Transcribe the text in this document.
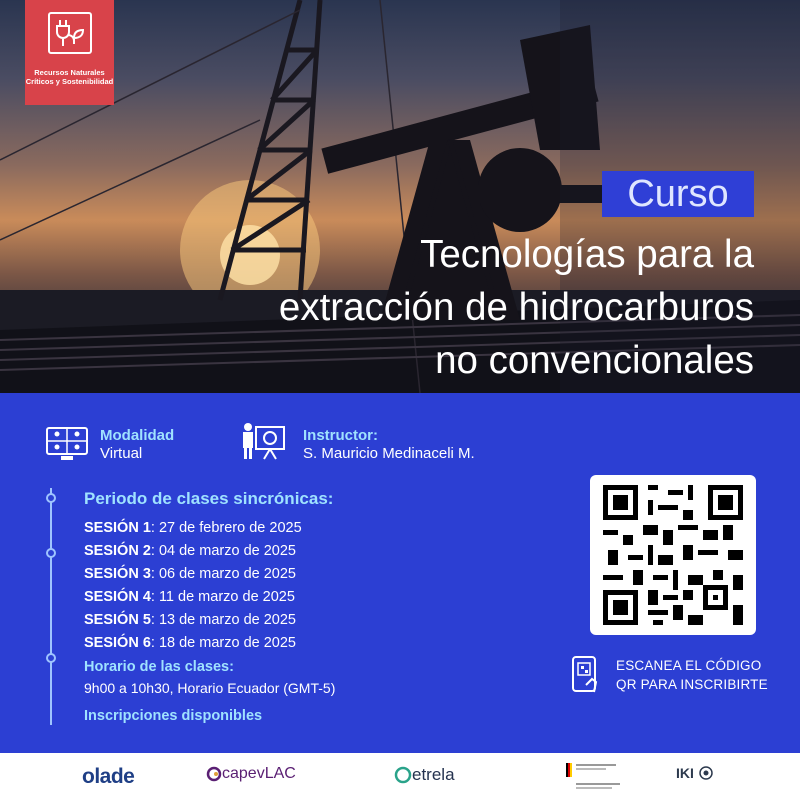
Recursos Naturales
Críticos y Sostenibilidad
Curso
Tecnologías para la
extracción de hidrocarburos
no convencionales
Modalidad
Virtual
Instructor:
S. Mauricio Medinaceli M.
Periodo de clases sincrónicas:
SESIÓN 1: 27 de febrero de 2025
SESIÓN 2: 04 de marzo de 2025
SESIÓN 3: 06 de marzo de 2025
SESIÓN 4: 11 de marzo de 2025
SESIÓN 5: 13 de marzo de 2025
SESIÓN 6: 18 de marzo de 2025
Horario de las clases:
9h00 a 10h30, Horario Ecuador (GMT-5)
Inscripciones disponibles
ESCANEA EL CÓDIGO
QR PARA INSCRIBIRTE
olade	capevLAC	etrela	IKI
